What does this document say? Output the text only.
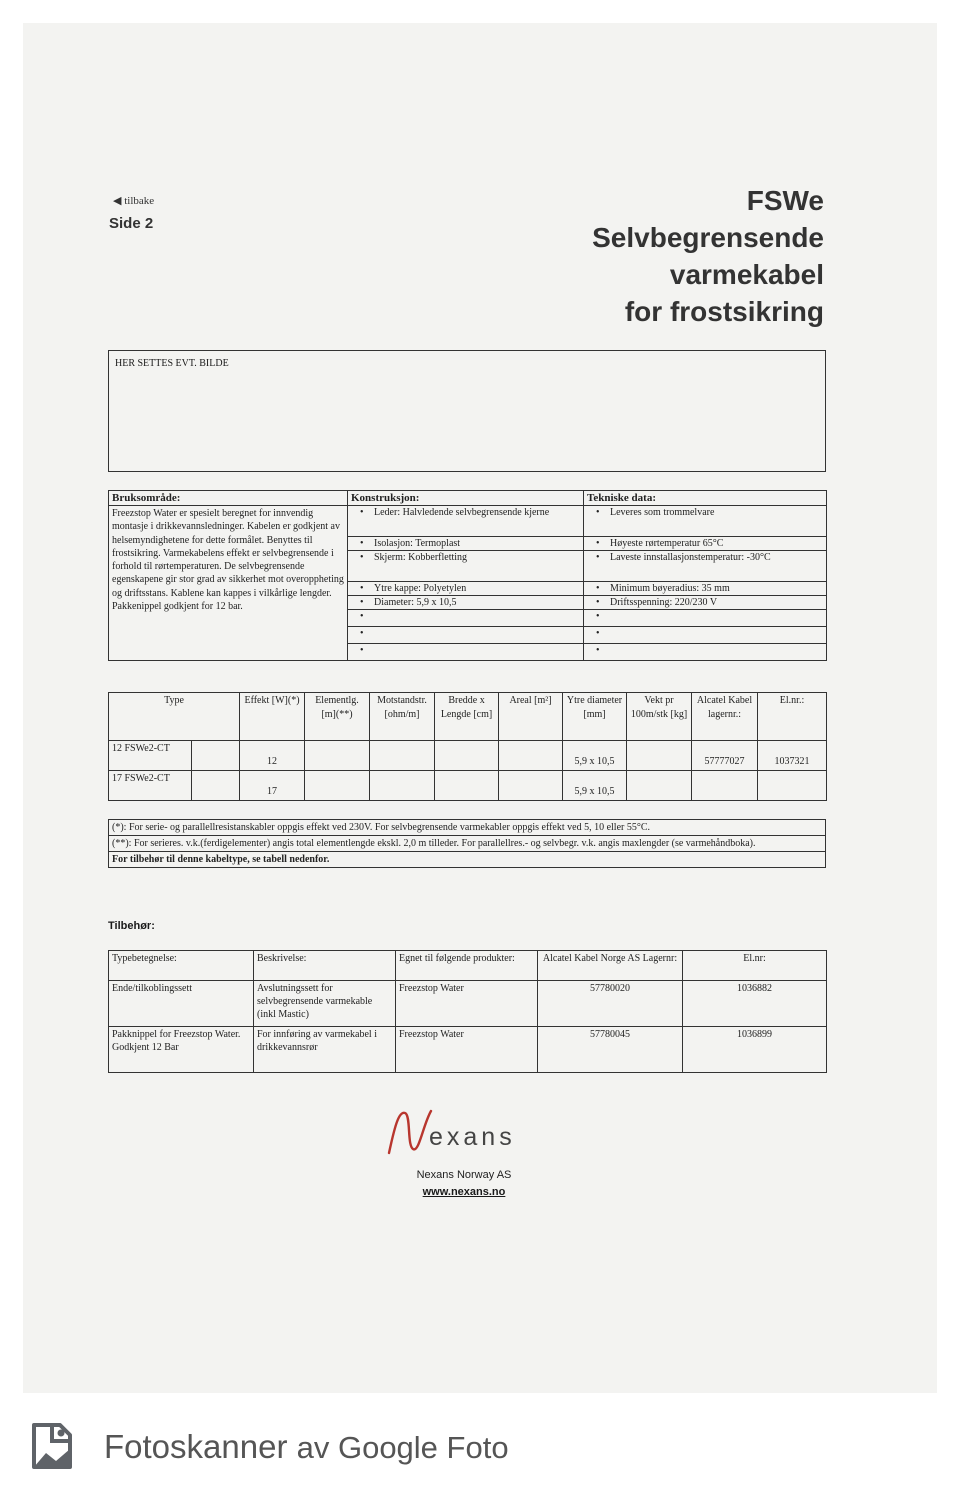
◀ tilbake
Side 2
FSWe
Selvbegrensende
varmekabel
for frostsikring
HER SETTES EVT. BILDE
Bruksområde:	Konstruksjon:	Tekniske data:
Freezstop Water er spesielt beregnet for innvendig montasje i drikkevannsledninger. Kabelen er godkjent av helsemyndighetene for dette formålet. Benyttes til frostsikring. Varmekabelens effekt er selvbegrensende i forhold til rørtemperaturen. De selvbegrensende egenskapene gir stor grad av sikkerhet mot overoppheting og driftsstans. Kablene kan kappes i vilkårlige lengder. Pakkenippel godkjent for 12 bar.	• Leder: Halvledende selvbegrensende kjerne	• Leveres som trommelvare
	• Isolasjon: Termoplast	• Høyeste rørtemperatur 65°C
	• Skjerm: Kobberfletting	• Laveste innstallasjonstemperatur: -30°C
	• Ytre kappe: Polyetylen	• Minimum bøyeradius: 35 mm
	• Diameter: 5,9 x 10,5	• Driftsspenning: 220/230 V
•	•
•	•
•	•
Type		Effekt [W](*)	Elementlg. [m](**)	Motstandstr. [ohm/m]	Bredde x Lengde [cm]	Areal [m²]	Ytre diameter [mm]	Vekt pr 100m/stk [kg]	Alcatel Kabel lagernr.:	El.nr.:
12 FSWe2-CT		12					5,9 x 10,5		57777027	1037321
17 FSWe2-CT		17					5,9 x 10,5			
(*): For serie- og parallellresistanskabler oppgis effekt ved 230V. For selvbegrensende varmekabler oppgis effekt ved 5, 10 eller 55°C.
(**): For serieres. v.k.(ferdigelementer) angis total elementlengde ekskl. 2,0 m tilleder. For parallellres.- og selvbegr. v.k. angis maxlengder (se varmehåndboka).
For tilbehør til denne kabeltype, se tabell nedenfor.
Tilbehør:
Typebetegnelse:	Beskrivelse:	Egnet til følgende produkter:	Alcatel Kabel Norge AS Lagernr:	El.nr:
Ende/tilkoblingssett	Avslutningssett for selvbegrensende varmekable (inkl Mastic)	Freezstop Water	57780020	1036882
Pakknippel for Freezstop Water. Godkjent 12 Bar	For innføring av varmekabel i drikkevannsrør	Freezstop Water	57780045	1036899
exans
Nexans Norway AS
www.nexans.no
Fotoskanner av Google Foto
